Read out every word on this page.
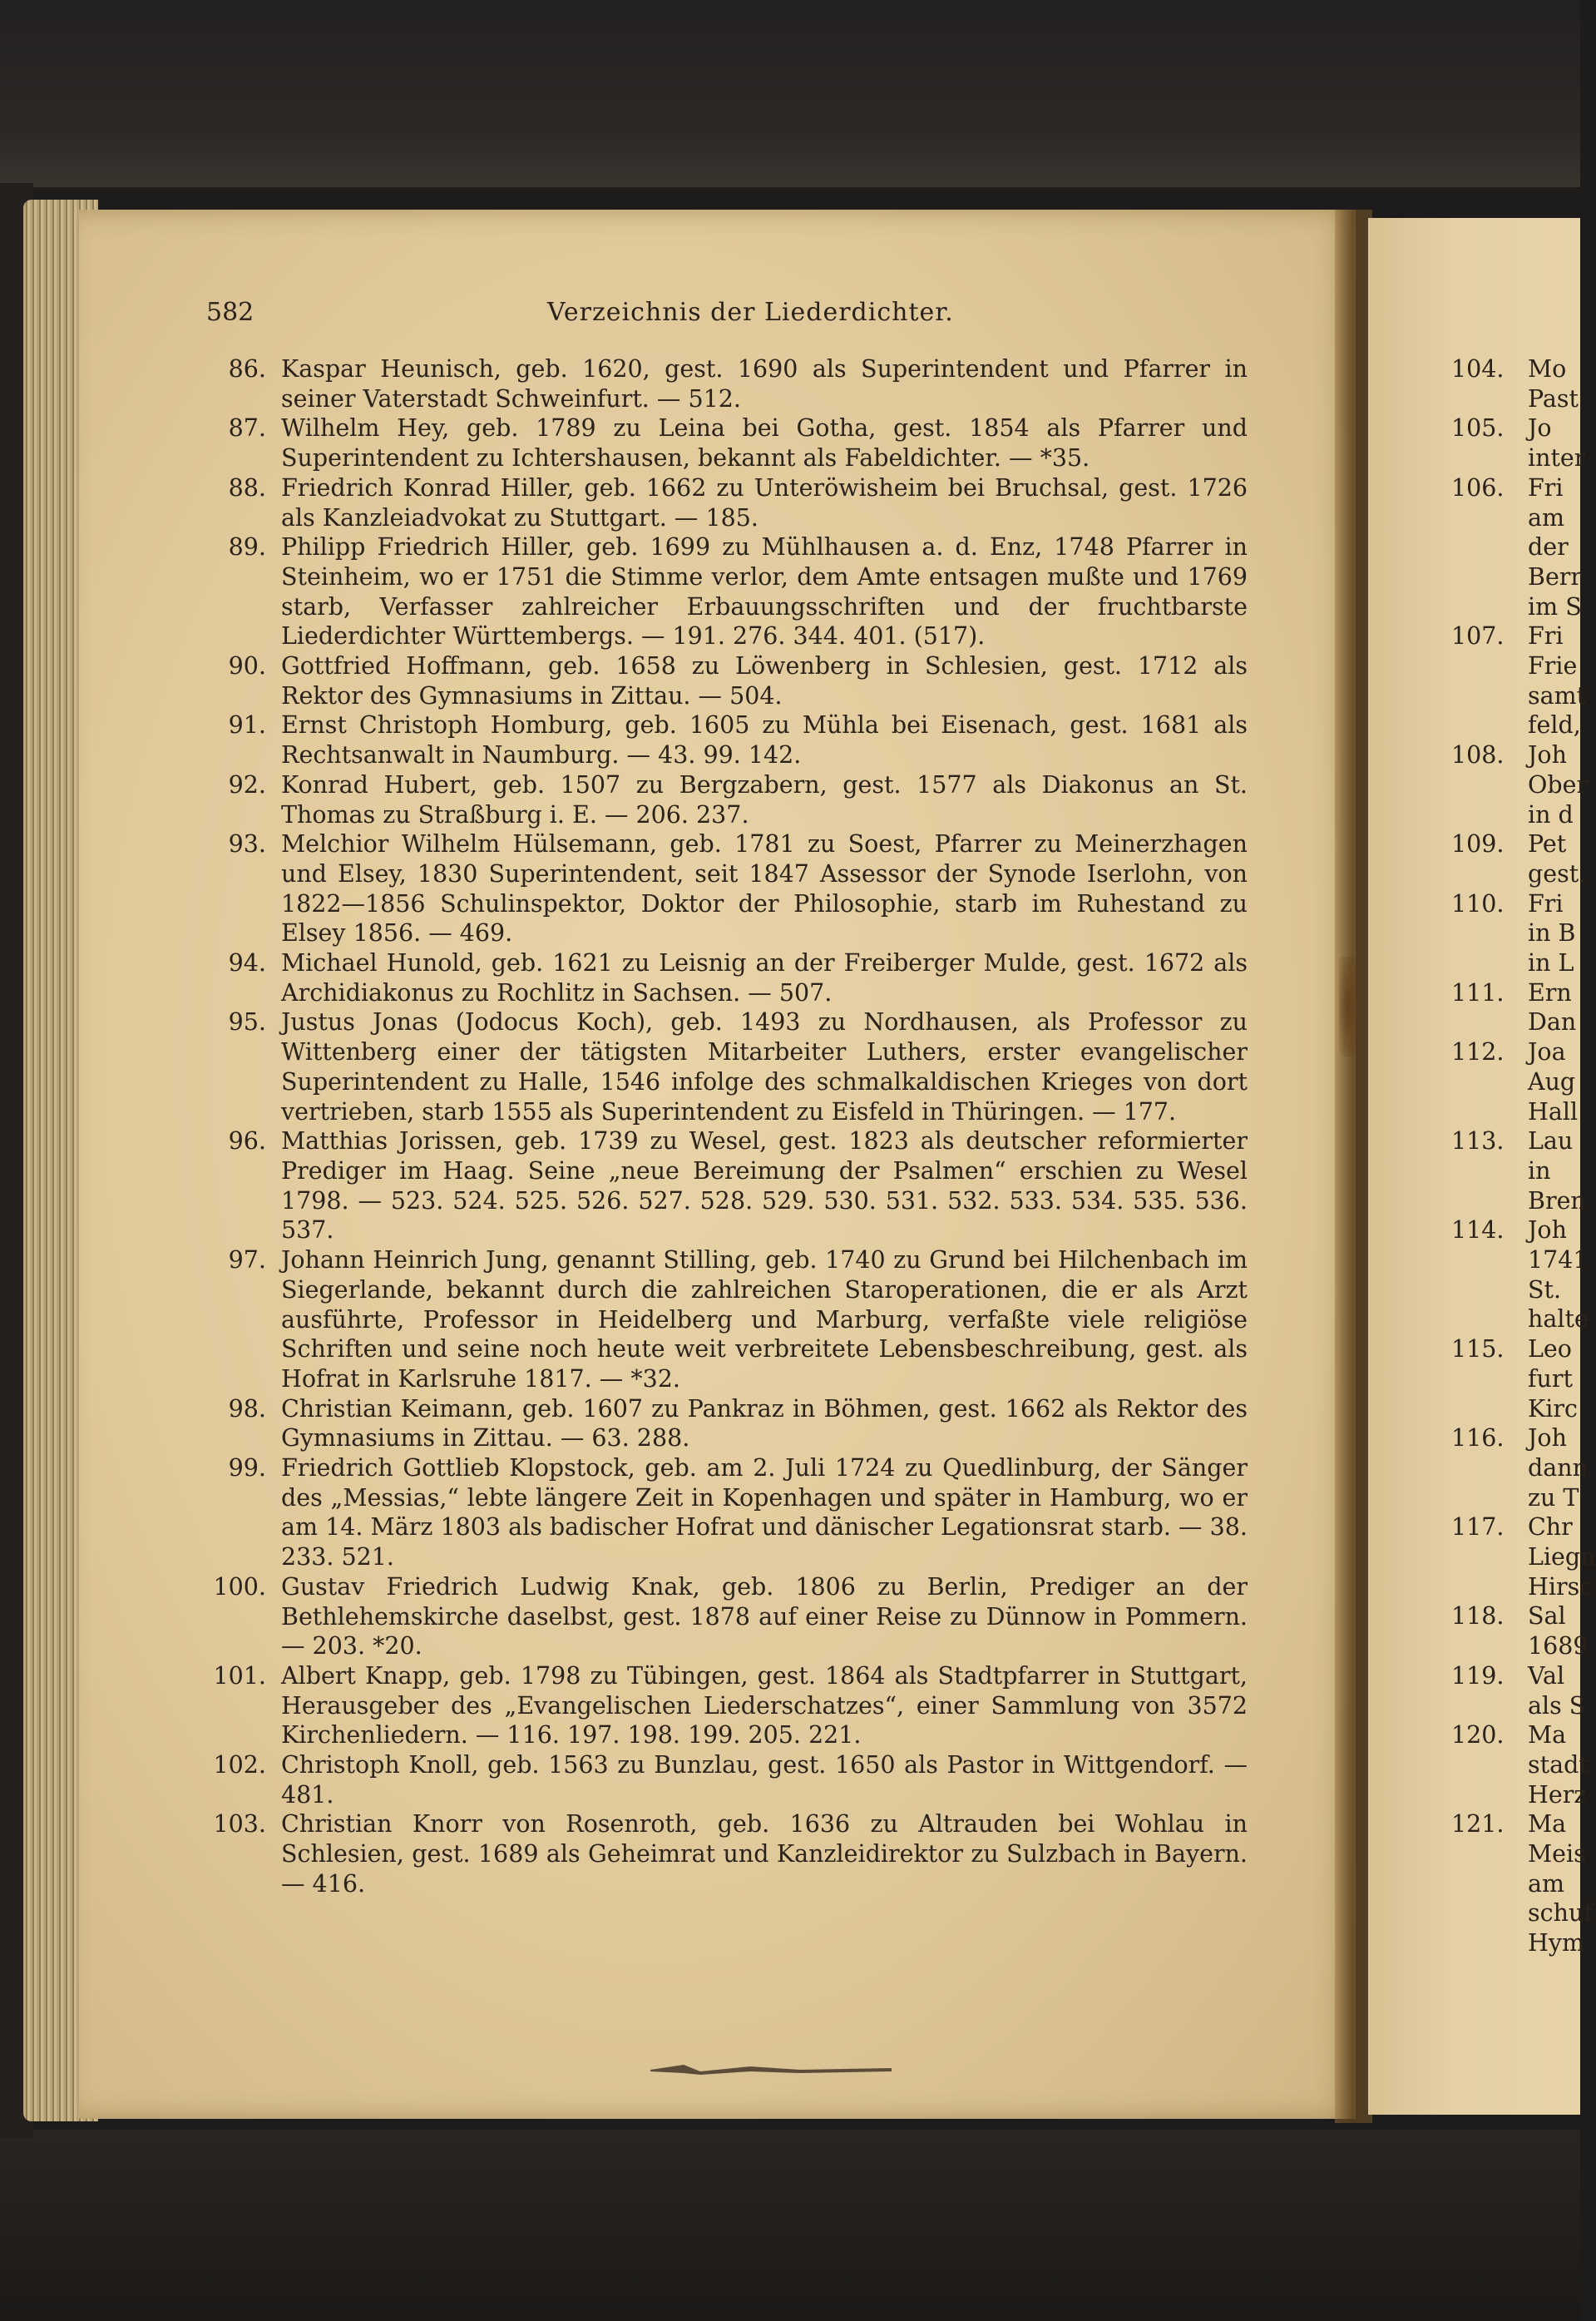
582	Verzeichnis der Liederdichter.
86. Kaspar Heunisch, geb. 1620, gest. 1690 als Superintendent und Pfarrer in seiner Vaterstadt Schweinfurt. — 512.
87. Wilhelm Hey, geb. 1789 zu Leina bei Gotha, gest. 1854 als Pfarrer und Superintendent zu Ichtershausen, bekannt als Fabeldichter. — *35.
88. Friedrich Konrad Hiller, geb. 1662 zu Unteröwisheim bei Bruchsal, gest. 1726 als Kanzleiadvokat zu Stuttgart. — 185.
89. Philipp Friedrich Hiller, geb. 1699 zu Mühlhausen a. d. Enz, 1748 Pfarrer in Steinheim, wo er 1751 die Stimme verlor, dem Amte entsagen mußte und 1769 starb, Verfasser zahlreicher Erbauungsschriften und der fruchtbarste Liederdichter Württembergs. — 191. 276. 344. 401. (517).
90. Gottfried Hoffmann, geb. 1658 zu Löwenberg in Schlesien, gest. 1712 als Rektor des Gymnasiums in Zittau. — 504.
91. Ernst Christoph Homburg, geb. 1605 zu Mühla bei Eisenach, gest. 1681 als Rechtsanwalt in Naumburg. — 43. 99. 142.
92. Konrad Hubert, geb. 1507 zu Bergzabern, gest. 1577 als Diakonus an St. Thomas zu Straßburg i. E. — 206. 237.
93. Melchior Wilhelm Hülsemann, geb. 1781 zu Soest, Pfarrer zu Meinerzhagen und Elsey, 1830 Superintendent, seit 1847 Assessor der Synode Iserlohn, von 1822—1856 Schulinspektor, Doktor der Philosophie, starb im Ruhestand zu Elsey 1856. — 469.
94. Michael Hunold, geb. 1621 zu Leisnig an der Freiberger Mulde, gest. 1672 als Archidiakonus zu Rochlitz in Sachsen. — 507.
95. Justus Jonas (Jodocus Koch), geb. 1493 zu Nordhausen, als Professor zu Wittenberg einer der tätigsten Mitarbeiter Luthers, erster evangelischer Superintendent zu Halle, 1546 infolge des schmalkaldischen Krieges von dort vertrieben, starb 1555 als Superintendent zu Eisfeld in Thüringen. — 177.
96. Matthias Jorissen, geb. 1739 zu Wesel, gest. 1823 als deutscher reformierter Prediger im Haag. Seine „neue Bereimung der Psalmen“ erschien zu Wesel 1798. — 523. 524. 525. 526. 527. 528. 529. 530. 531. 532. 533. 534. 535. 536. 537.
97. Johann Heinrich Jung, genannt Stilling, geb. 1740 zu Grund bei Hilchenbach im Siegerlande, bekannt durch die zahlreichen Staroperationen, die er als Arzt ausführte, Professor in Heidelberg und Marburg, verfaßte viele religiöse Schriften und seine noch heute weit verbreitete Lebensbeschreibung, gest. als Hofrat in Karlsruhe 1817. — *32.
98. Christian Keimann, geb. 1607 zu Pankraz in Böhmen, gest. 1662 als Rektor des Gymnasiums in Zittau. — 63. 288.
99. Friedrich Gottlieb Klopstock, geb. am 2. Juli 1724 zu Quedlinburg, der Sänger des „Messias,“ lebte längere Zeit in Kopenhagen und später in Hamburg, wo er am 14. März 1803 als badischer Hofrat und dänischer Legationsrat starb. — 38. 233. 521.
100. Gustav Friedrich Ludwig Knak, geb. 1806 zu Berlin, Prediger an der Bethlehemskirche daselbst, gest. 1878 auf einer Reise zu Dünnow in Pommern. — 203. *20.
101. Albert Knapp, geb. 1798 zu Tübingen, gest. 1864 als Stadtpfarrer in Stuttgart, Herausgeber des „Evangelischen Liederschatzes“, einer Sammlung von 3572 Kirchenliedern. — 116. 197. 198. 199. 205. 221.
102. Christoph Knoll, geb. 1563 zu Bunzlau, gest. 1650 als Pastor in Wittgendorf. — 481.
103. Christian Knorr von Rosenroth, geb. 1636 zu Altrauden bei Wohlau in Schlesien, gest. 1689 als Geheimrat und Kanzleidirektor zu Sulzbach in Bayern. — 416.
104. Mo
Past
105. Jo
inter
106. Fri
am
der
Berr
im S
107. Fri
Frie
samt
feld,
108. Joh
Ober
in d
109. Pet
gest.
110. Fri
in B
in L
111. Ern
Dan
112. Joa
Aug
Hall
113. Lau
in
Bren
114. Joh
1741
St.
halte
115. Leo
furt
Kirc
116. Joh
dann
zu T
117. Chr
Liegn
Hirsc
118. Sal
1689
119. Val
als S
120. Ma
stadt
Herz
121. Ma
Meis
am
schuf
Hym
